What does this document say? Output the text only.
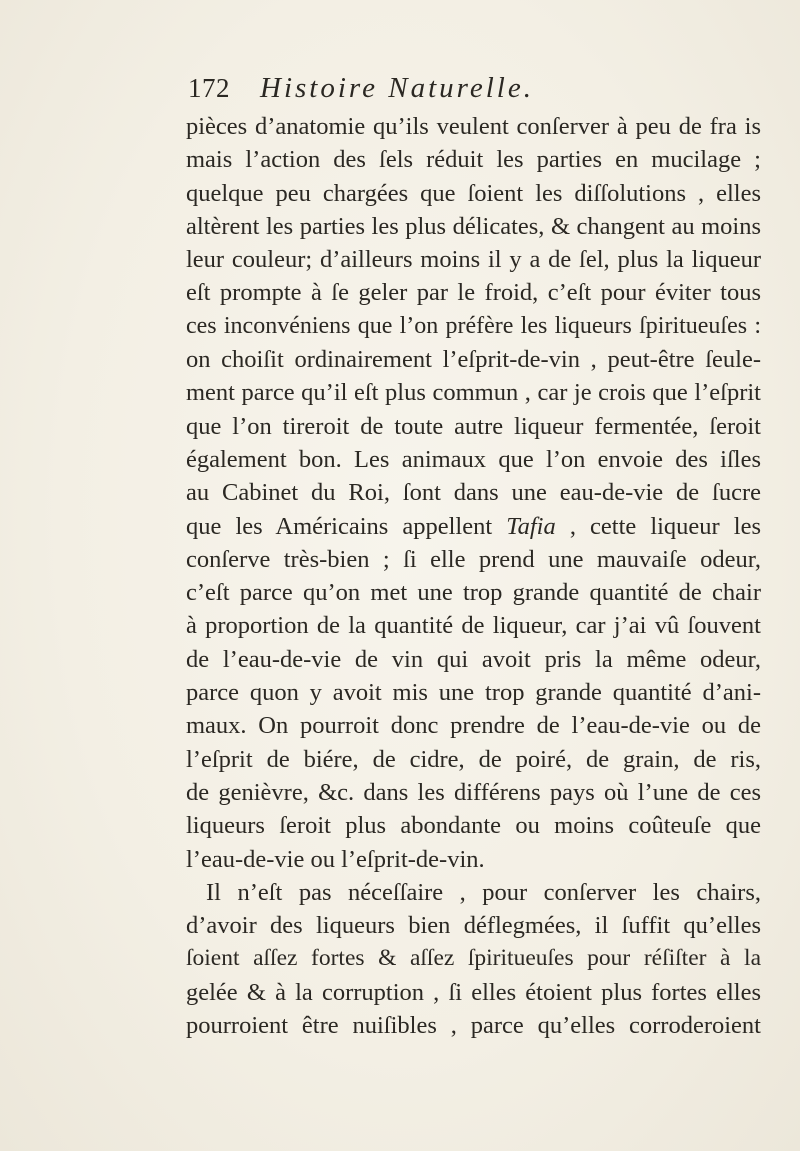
172 Histoire Naturelle.
pièces d’anatomie qu’ils veulent conſerver à peu de fra is
mais l’action des ſels réduit les parties en mucilage ;
quelque peu chargées que ſoient les diſſolutions , elles
altèrent les parties les plus délicates, & changent au moins
leur couleur; d’ailleurs moins il y a de ſel, plus la liqueur
eſt prompte à ſe geler par le froid, c’eſt pour éviter tous
ces inconvéniens que l’on préfère les liqueurs ſpiritueuſes :
on choiſit ordinairement l’eſprit-de-vin , peut-être ſeule-
ment parce qu’il eſt plus commun , car je crois que l’eſprit
que l’on tireroit de toute autre liqueur fermentée, ſeroit
également bon. Les animaux que l’on envoie des iſles
au Cabinet du Roi, ſont dans une eau-de-vie de ſucre
que les Américains appellent Tafia , cette liqueur les
conſerve très-bien ; ſi elle prend une mauvaiſe odeur,
c’eſt parce qu’on met une trop grande quantité de chair
à proportion de la quantité de liqueur, car j’ai vû ſouvent
de l’eau-de-vie de vin qui avoit pris la même odeur,
parce quon y avoit mis une trop grande quantité d’ani-
maux. On pourroit donc prendre de l’eau-de-vie ou de
l’eſprit de biére, de cidre, de poiré, de grain, de ris,
de genièvre, &c. dans les différens pays où l’une de ces
liqueurs ſeroit plus abondante ou moins coûteuſe que
l’eau-de-vie ou l’eſprit-de-vin.
Il n’eſt pas néceſſaire , pour conſerver les chairs,
d’avoir des liqueurs bien déflegmées, il ſuffit qu’elles
ſoient aſſez fortes & aſſez ſpiritueuſes pour réſiſter à la
gelée & à la corruption , ſi elles étoient plus fortes elles
pourroient être nuiſibles , parce qu’elles corroderoient
